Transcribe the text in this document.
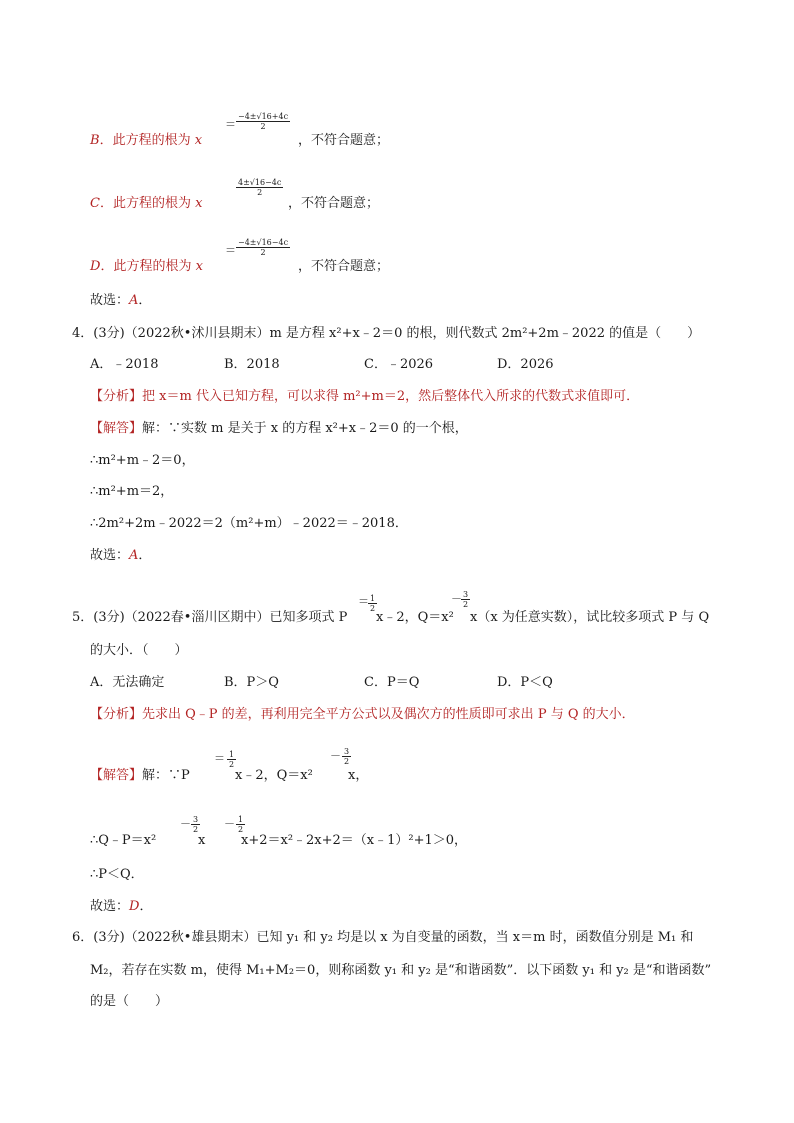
B．此方程的根为 x
＝ $\frac{-4\pm√16+4c}{2}$
，不符合题意；
C．此方程的根为 x
$\frac{4\pm√16-4c}{2}$
，不符合题意；
D．此方程的根为 x
＝ $\frac{-4\pm√16-4c}{2}$
，不符合题意；
故选：A．
4．(3分)（2022秋•沭川县期末）m 是方程 x²+x﹣2＝0 的根，则代数式 2m²+2m﹣2022 的值是（　　）
A．﹣2018	B．2018	C．﹣2026	D．2026
【分析】把 x＝m 代入已知方程，可以求得 m²+m＝2，然后整体代入所求的代数式求值即可．
【解答】解：∵实数 m 是关于 x 的方程 x²+x﹣2＝0 的一个根，
∴m²+m﹣2＝0，
∴m²+m＝2，
∴2m²+2m﹣2022＝2（m²+m）﹣2022＝﹣2018．
故选：A．
5．(3分)（2022春•淄川区期中）已知多项式 P
＝ $\frac{1}{2}$
x﹣2，Q＝x²
－ $\frac{3}{2}$
x（x 为任意实数），试比较多项式 P 与 Q
的大小．（　　）
A．无法确定	B．P＞Q	C．P＝Q	D．P＜Q
【分析】先求出 Q﹣P 的差，再利用完全平方公式以及偶次方的性质即可求出 P 与 Q 的大小．
【解答】解：∵P
＝ $\frac{1}{2}$
x﹣2，Q＝x²
－ $\frac{3}{2}$
x，
∴Q﹣P＝x²
－ $\frac{3}{2}$
x
－ $\frac{1}{2}$
x+2＝x²﹣2x+2＝（x﹣1）²+1＞0，
∴P＜Q．
故选：D．
6．(3分)（2022秋•雄县期末）已知 y₁ 和 y₂ 均是以 x 为自变量的函数，当 x＝m 时，函数值分别是 M₁ 和
M₂，若存在实数 m，使得 M₁+M₂＝0，则称函数 y₁ 和 y₂ 是“和谐函数”．以下函数 y₁ 和 y₂ 是“和谐函数”
的是（　　）
